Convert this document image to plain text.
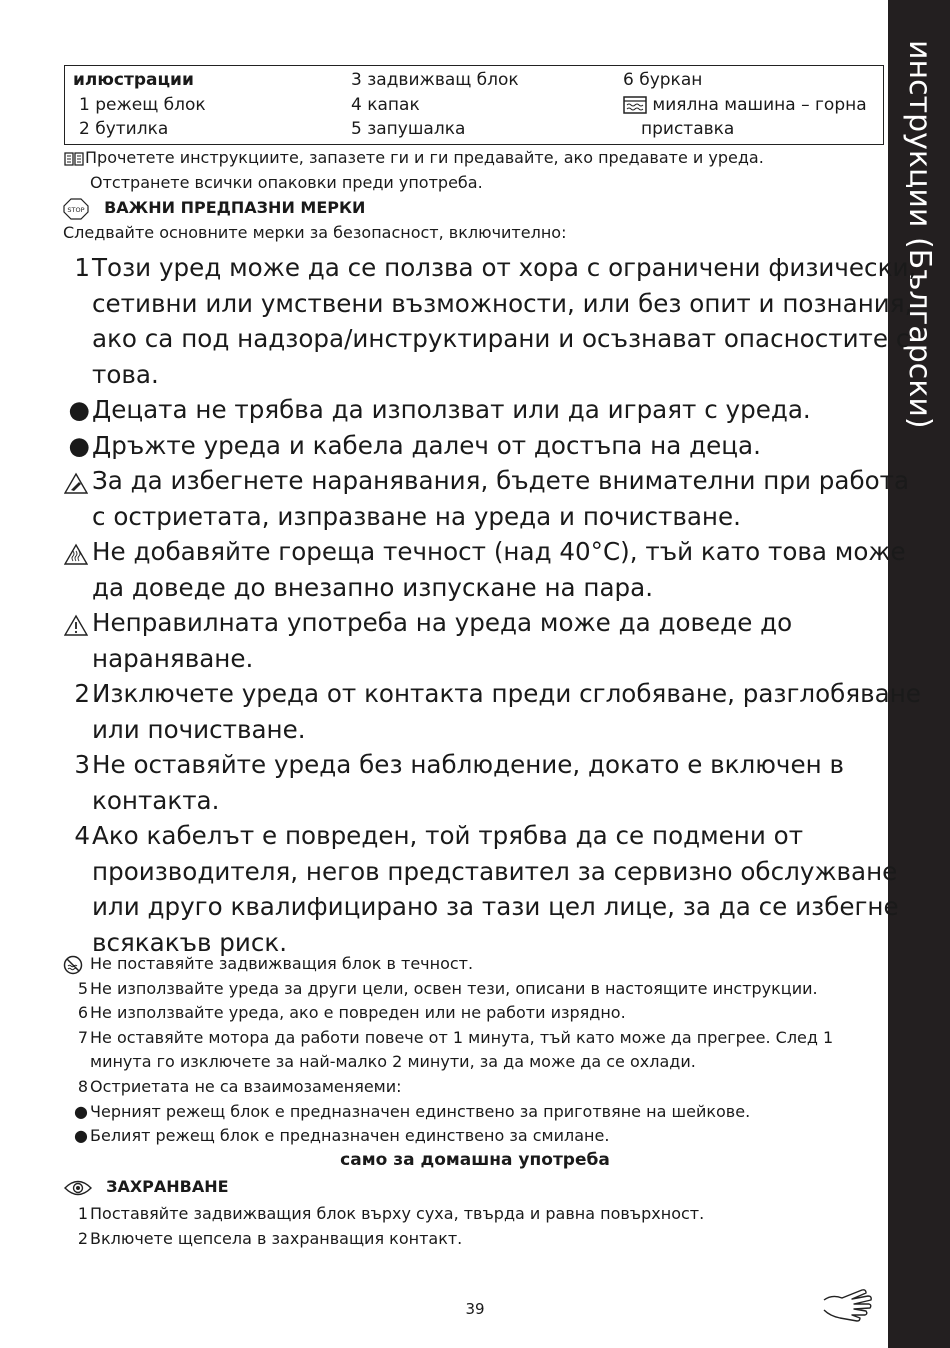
инструкции (Български)
илюстрации
1 режещ блок
2 бутилка
3 задвижващ блок
4 капак
5 запушалка
6 буркан
миялна машина – горна
приставка
Прочетете инструкциите, запазете ги и ги предавайте, ако предавате и уреда.
Отстранете всички опаковки преди употреба.
STOP ВАЖНИ ПРЕДПАЗНИ МЕРКИ
Следвайте основните мерки за безопасност, включително:
1 Този уред може да се ползва от хора с ограничени физически,
сетивни или умствени възможности, или без опит и познания,
ако са под надзора/инструктирани и осъзнават опасностите с
това.
● Децата не трябва да използват или да играят с уреда.
● Дръжте уреда и кабела далеч от достъпа на деца.
За да избегнете наранявания, бъдете внимателни при работа
с остриетата, изпразване на уреда и почистване.
Не добавяйте гореща течност (над 40°C), тъй като това може
да доведе до внезапно изпускане на пара.
Неправилната употреба на уреда може да доведе до
нараняване.
2 Изключете уреда от контакта преди сглобяване, разглобяване
или почистване.
3 Не оставяйте уреда без наблюдение, докато е включен в
контакта.
4 Ако кабелът е повреден, той трябва да се подмени от
производителя, негов представител за сервизно обслужване
или друго квалифицирано за тази цел лице, за да се избегне
всякакъв риск.
Не поставяйте задвижващия блок в течност.
5 Не използвайте уреда за други цели, освен тези, описани в настоящите инструкции.
6 Не използвайте уреда, ако е повреден или не работи изрядно.
7 Не оставяйте мотора да работи повече от 1 минута, тъй като може да прегрее. След 1
минута го изключете за най-малко 2 минути, за да може да се охлади.
8 Остриетата не са взаимозаменяеми:
● Черният режещ блок е предназначен единствено за приготвяне на шейкове.
● Белият режещ блок е предназначен единствено за смилане.
само за домашна употреба
ЗАХРАНВАНЕ
1 Поставяйте задвижващия блок върху суха, твърда и равна повърхност.
2 Включете щепсела в захранващия контакт.
39
